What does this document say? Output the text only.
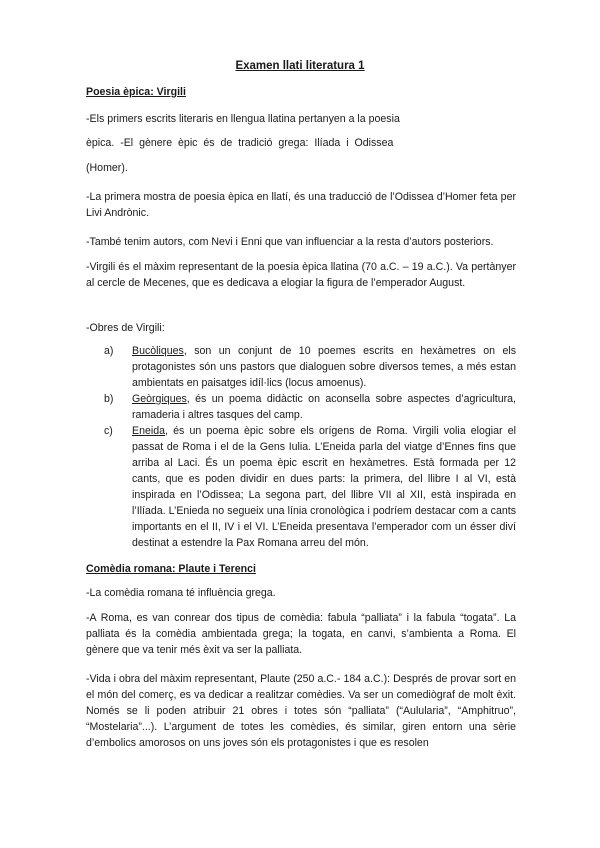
Examen llati literatura 1
Poesia èpica: Virgili
-Els primers escrits literaris en llengua llatina pertanyen a la poesia
èpica. -El gènere èpic és de tradició grega: Ilíada i Odissea
(Homer).
-La primera mostra de poesia èpica en llatí, és una traducció de l’Odissea d’Homer feta per Livi Andrònic.
-També tenim autors, com Nevi i Enni que van influenciar a la resta d’autors posteriors.
-Virgili és el màxim representant de la poesia èpica llatina (70 a.C. – 19 a.C.). Va pertànyer al cercle de Mecenes, que es dedicava a elogiar la figura de l’emperador August.
-Obres de Virgili:
a)	Bucòliques, son un conjunt de 10 poemes escrits en hexàmetres on els protagonistes són uns pastors que dialoguen sobre diversos temes, a més estan ambientats en paisatges idíl·lics (locus amoenus).
b)	Geòrgiques, és un poema didàctic on aconsella sobre aspectes d’agricultura, ramaderia i altres tasques del camp.
c)	Eneida, és un poema èpic sobre els orígens de Roma. Virgili volia elogiar el passat de Roma i el de la Gens Iulia. L’Eneida parla del viatge d’Ennes fins que arriba al Laci. És un poema èpic escrit en hexàmetres. Està formada per 12 cants, que es poden dividir en dues parts: la primera, del llibre I al VI, està inspirada en l’Odissea; La segona part, del llibre VII al XII, està inspirada en l’Ilíada. L’Enieda no segueix una línia cronològica i podríem destacar com a cants importants en el II, IV i el VI. L’Eneida presentava l’emperador com un ésser diví destinat a estendre la Pax Romana arreu del món.
Comèdia romana: Plaute i Terenci
-La comèdia romana té influència grega.
-A Roma, es van conrear dos tipus de comèdia: fabula “palliata” i la fabula “togata”. La palliata és la comèdia ambientada grega; la togata, en canvi, s’ambienta a Roma. El gènere que va tenir més èxit va ser la palliata.
-Vida i obra del màxim representant, Plaute (250 a.C.- 184 a.C.): Després de provar sort en el món del comerç, es va dedicar a realitzar comèdies. Va ser un comediògraf de molt èxit. Només se li poden atribuir 21 obres i totes són “palliata” (“Aulularia”, “Amphitruo”, “Mostelaria”...). L’argument de totes les comèdies, és similar, giren entorn una sèrie d’embolics amorosos on uns joves són els protagonistes i que es resolen
